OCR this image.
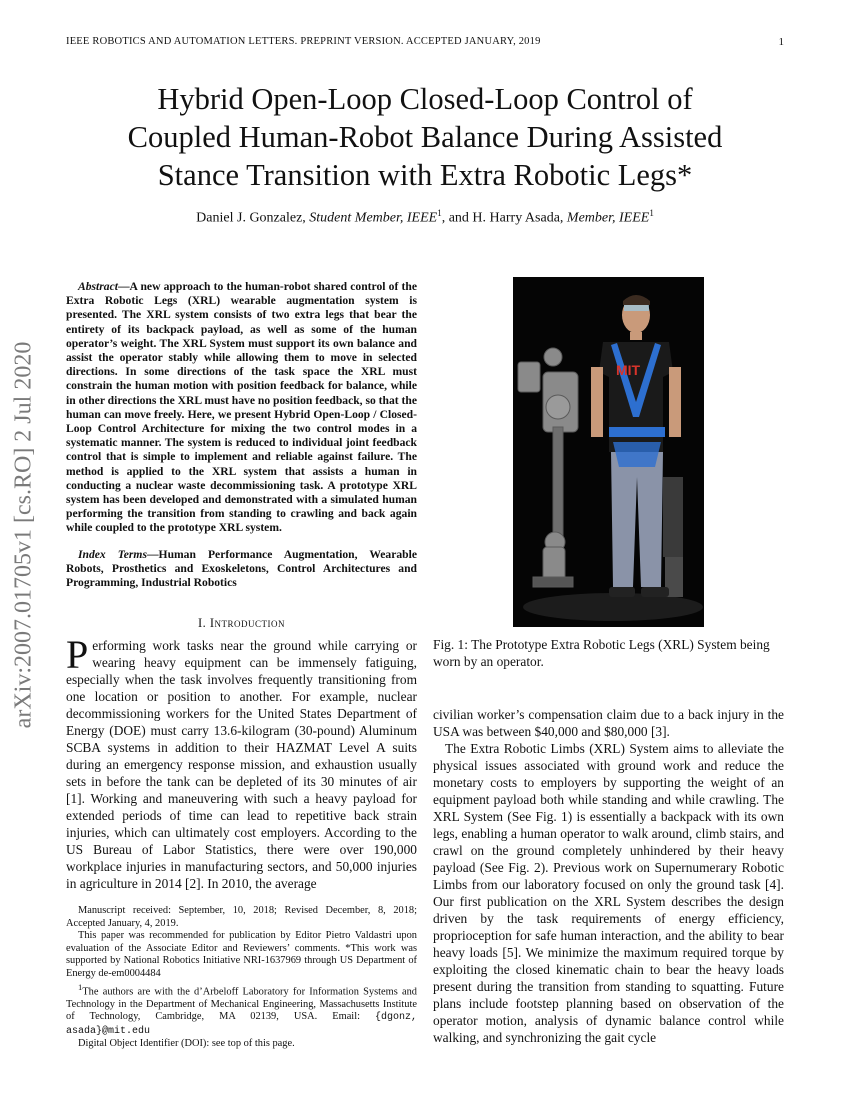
IEEE ROBOTICS AND AUTOMATION LETTERS. PREPRINT VERSION. ACCEPTED JANUARY, 2019	1
Hybrid Open-Loop Closed-Loop Control of
Coupled Human-Robot Balance During Assisted
Stance Transition with Extra Robotic Legs*
Daniel J. Gonzalez, Student Member, IEEE$^1$, and H. Harry Asada, Member, IEEE$^1$
arXiv:2007.01705v1 [cs.RO] 2 Jul 2020

Abstract—A new approach to the human-robot shared control of the Extra Robotic Legs (XRL) wearable augmentation system is presented. The XRL system consists of two extra legs that bear the entirety of its backpack payload, as well as some of the human operator’s weight. The XRL System must support its own balance and assist the operator stably while allowing them to move in selected directions. In some directions of the task space the XRL must constrain the human motion with position feedback for balance, while in other directions the XRL must have no position feedback, so that the human can move freely. Here, we present Hybrid Open-Loop / Closed-Loop Control Architecture for mixing the two control modes in a systematic manner. The system is reduced to individual joint feedback control that is simple to implement and reliable against failure. The method is applied to the XRL system that assists a human in conducting a nuclear waste decommissioning task. A prototype XRL system has been developed and demonstrated with a simulated human performing the transition from standing to crawling and back again while coupled to the prototype XRL system.

Index Terms—Human Performance Augmentation, Wearable Robots, Prosthetics and Exoskeletons, Control Architectures and Programming, Industrial Robotics

I. Introduction
Performing work tasks near the ground while carrying or wearing heavy equipment can be immensely fatiguing, especially when the task involves frequently transitioning from one location or position to another. For example, nuclear decommissioning workers for the United States Department of Energy (DOE) must carry 13.6-kilogram (30-pound) Aluminum SCBA systems in addition to their HAZMAT Level A suits during an emergency response mission, and exhaustion usually sets in before the tank can be depleted of its 30 minutes of air [1]. Working and maneuvering with such a heavy payload for extended periods of time can lead to repetitive back strain injuries, which can ultimately cost employers. According to the US Bureau of Labor Statistics, there were over 190,000 workplace injuries in manufacturing sectors, and 50,000 injuries in agriculture in 2014 [2]. In 2010, the average

Manuscript received: September, 10, 2018; Revised December, 8, 2018; Accepted January, 4, 2019.

This paper was recommended for publication by Editor Pietro Valdastri upon evaluation of the Associate Editor and Reviewers’ comments. *This work was supported by National Robotics Initiative NRI-1637969 through US Department of Energy de-em0004484

$^1$The authors are with the d’Arbeloff Laboratory for Information Systems and Technology in the Department of Mechanical Engineering, Massachusetts Institute of Technology, Cambridge, MA 02139, USA. Email: {dgonz, asada}@mit.edu

Digital Object Identifier (DOI): see top of this page.

MIT
Fig. 1: The Prototype Extra Robotic Legs (XRL) System being worn by an operator.

civilian worker’s compensation claim due to a back injury in the USA was between $40,000 and $80,000 [3].

The Extra Robotic Limbs (XRL) System aims to alleviate the physical issues associated with ground work and reduce the monetary costs to employers by supporting the weight of an equipment payload both while standing and while crawling. The XRL System (See Fig. 1) is essentially a backpack with its own legs, enabling a human operator to walk around, climb stairs, and crawl on the ground completely unhindered by their heavy payload (See Fig. 2). Previous work on Supernumerary Robotic Limbs from our laboratory focused on only the ground task [4]. Our first publication on the XRL System describes the design driven by the task requirements of energy efficiency, proprioception for safe human interaction, and the ability to bear heavy loads [5]. We minimize the maximum required torque by exploiting the closed kinematic chain to bear the heavy loads present during the transition from standing to squatting. Future plans include footstep planning based on observation of the operator motion, analysis of dynamic balance control while walking, and synchronizing the gait cycle
